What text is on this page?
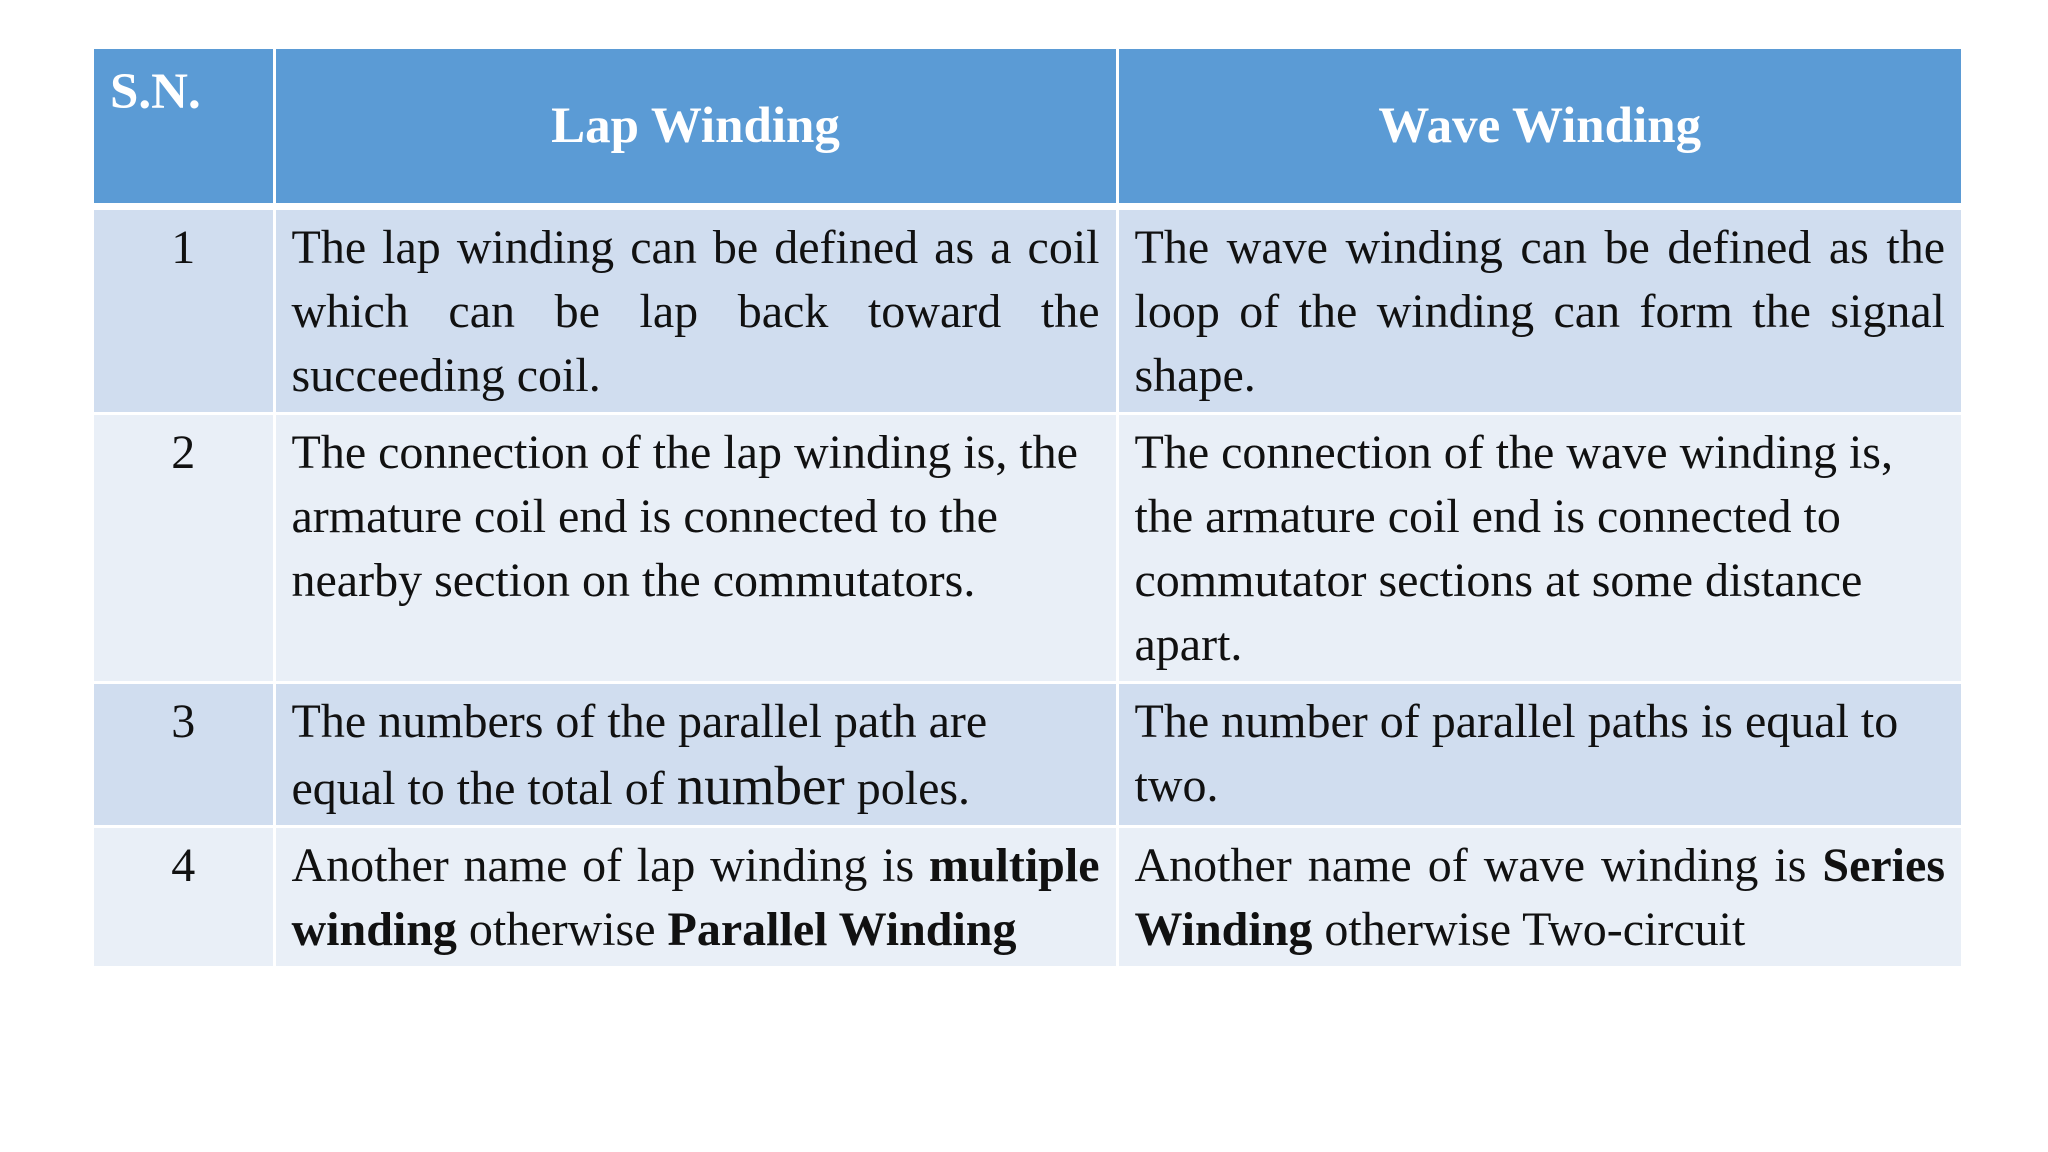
S.N.	Lap Winding	Wave Winding
1	The lap winding can be defined as a coil which can be lap back toward the succeeding coil.	The wave winding can be defined as the loop of the winding can form the signal shape.
2	The connection of the lap winding is, the armature coil end is connected to the nearby section on the commutators.	The connection of the wave winding is, the armature coil end is connected to commutator sections at some distance apart.
3	The numbers of the parallel path are equal to the total of number poles.	The number of parallel paths is equal to two.
4	Another name of lap winding is multiple winding otherwise Parallel Winding	Another name of wave winding is Series Winding otherwise Two-circuit
